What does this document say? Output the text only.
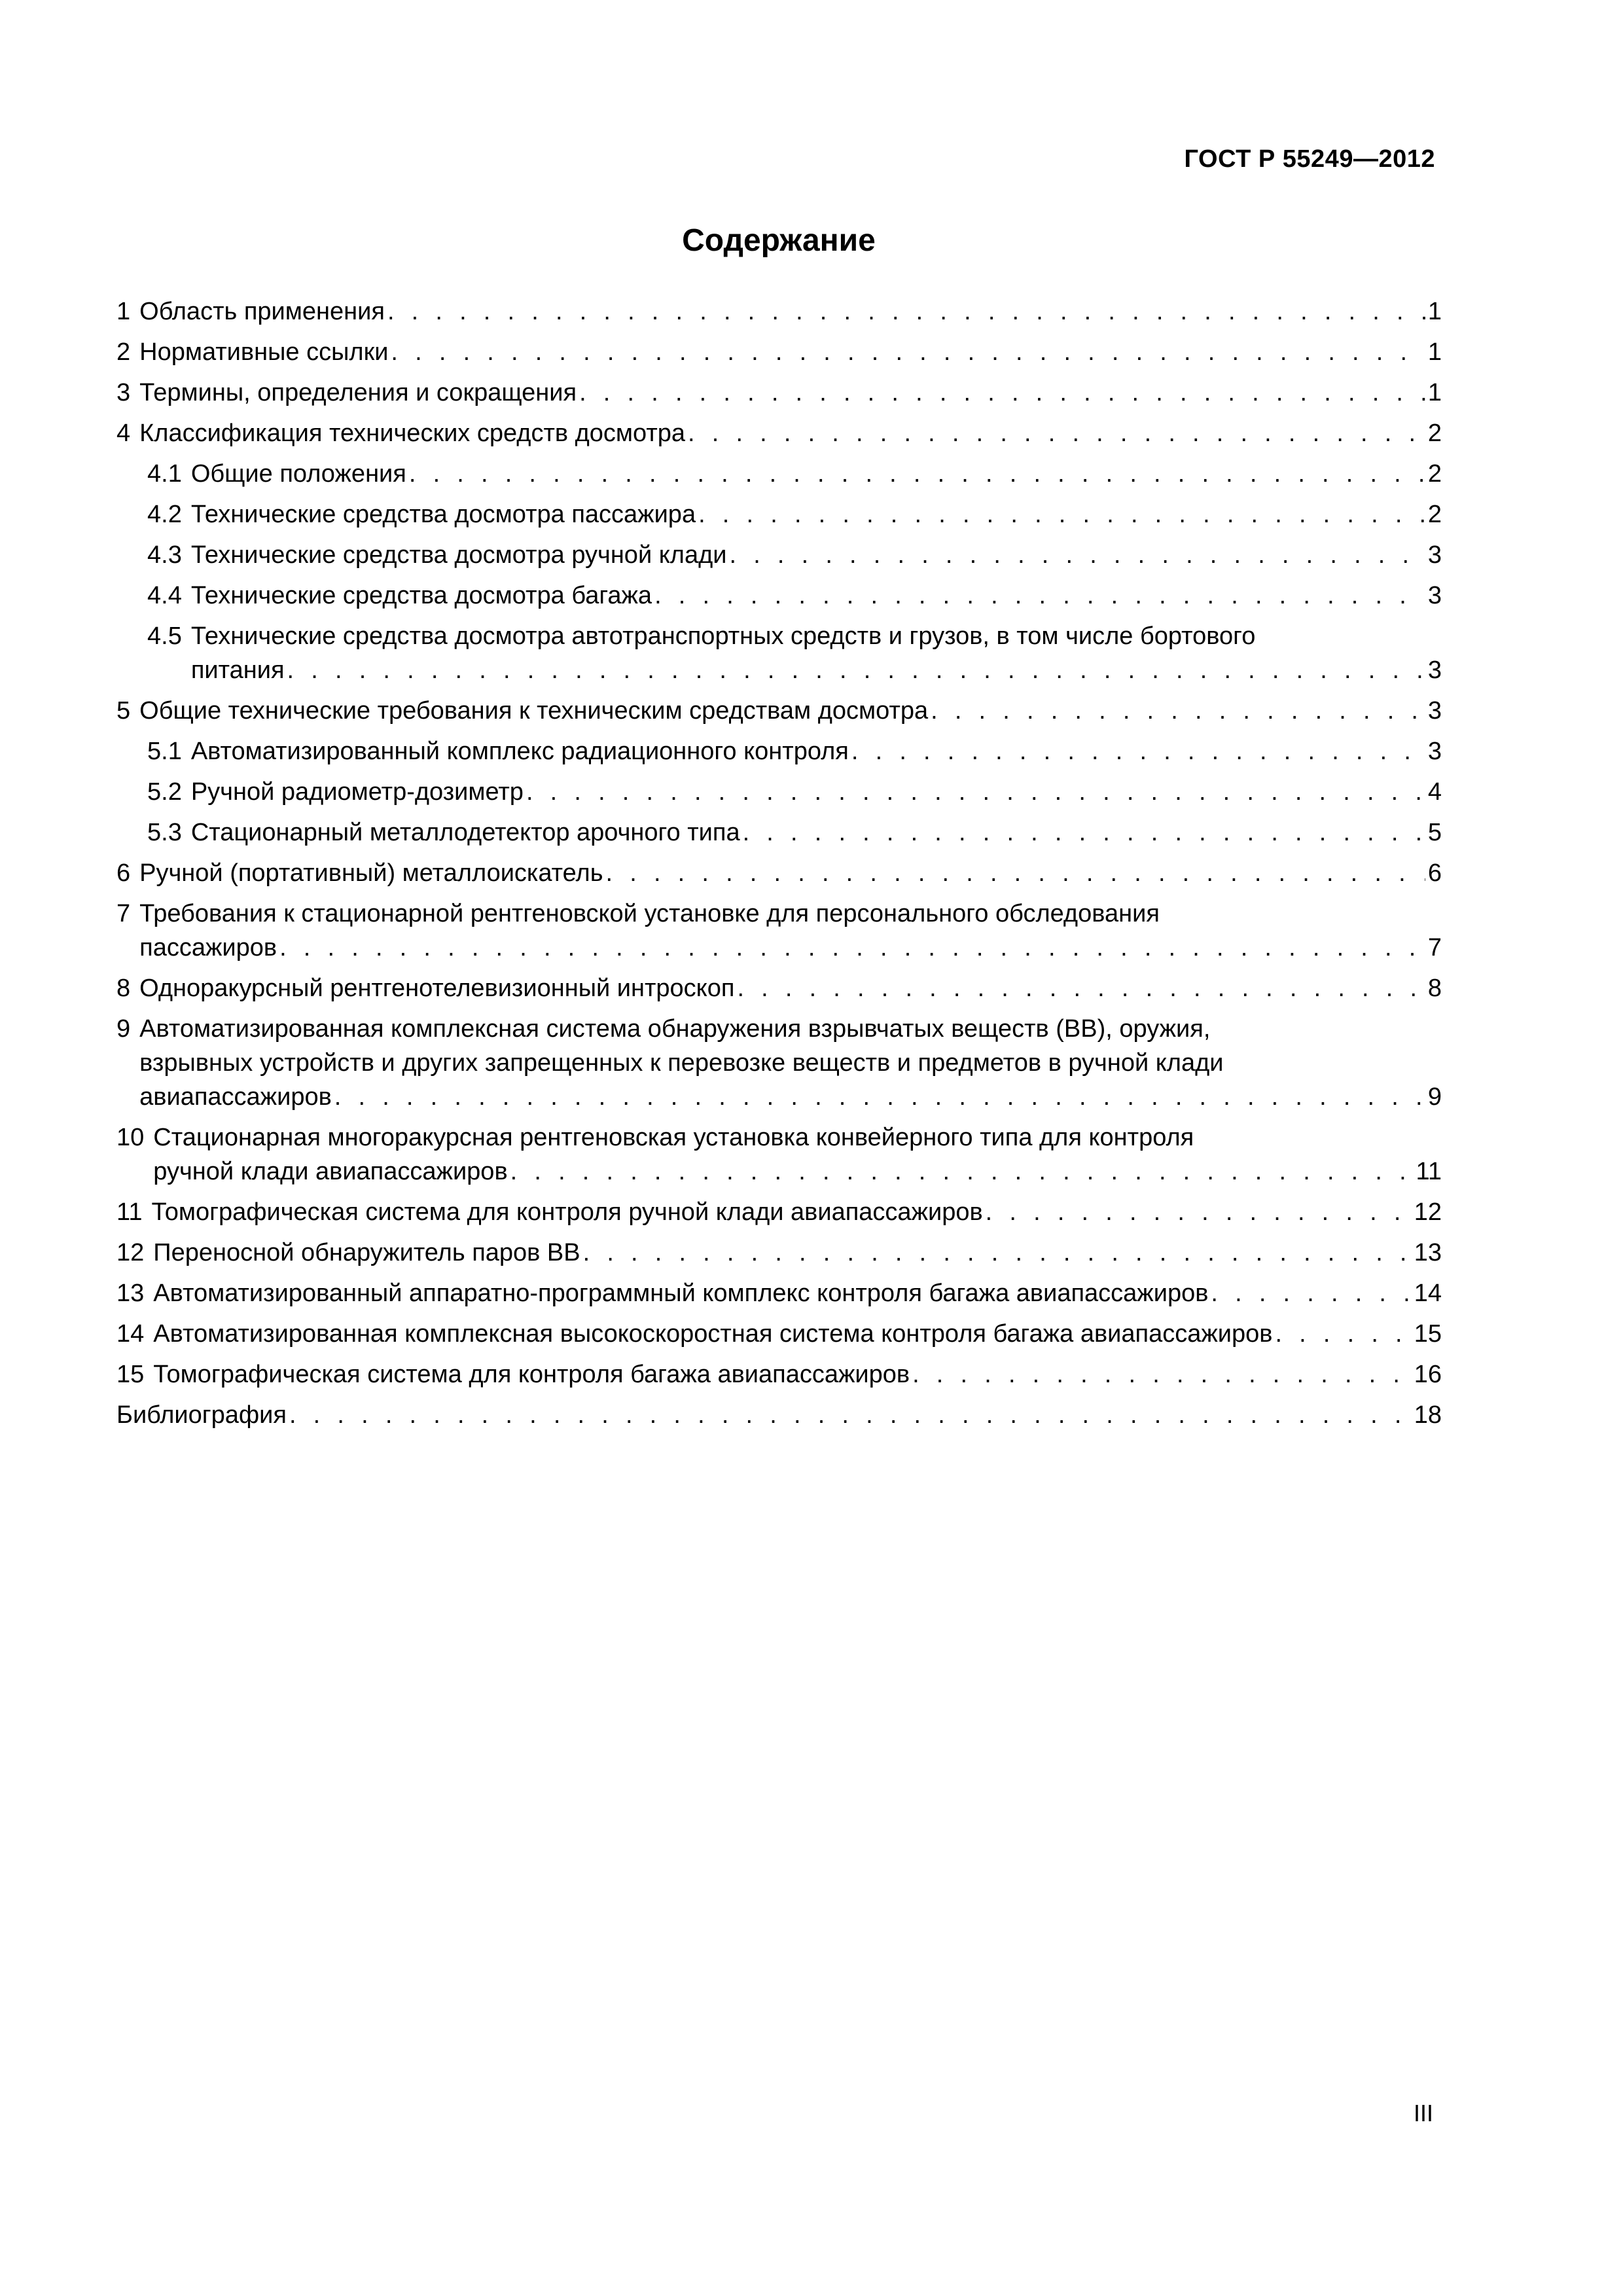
ГОСТ Р 55249—2012
Содержание
1 Область применения . . .	1
2 Нормативные ссылки . . .	1
3 Термины, определения и сокращения . . .	1
4 Классификация технических средств досмотра . . .	2
4.1 Общие положения . . .	2
4.2 Технические средства досмотра пассажира . . .	2
4.3 Технические средства досмотра ручной клади . . .	3
4.4 Технические средства досмотра багажа . . .	3
4.5 Технические средства досмотра автотранспортных средств и грузов, в том числе бортового
питания . . .	3
5 Общие технические требования к техническим средствам досмотра . . .	3
5.1 Автоматизированный комплекс радиационного контроля . . .	3
5.2 Ручной радиометр-дозиметр . . .	4
5.3 Стационарный металлодетектор арочного типа . . .	5
6 Ручной (портативный) металлоискатель . . .	6
7 Требования к стационарной рентгеновской установке для персонального обследования
пассажиров . . .	7
8 Однoракурсный рентгенотелевизионный интроскоп . . .	8
9 Автоматизированная комплексная система обнаружения взрывчатых веществ (ВВ), оружия,
взрывных устройств и других запрещенных к перевозке веществ и предметов в ручной клади
авиапассажиров . . .	9
10 Стационарная многоракурсная рентгеновская установка конвейерного типа для контроля
ручной клади авиапассажиров . . .	11
11 Томографическая система для контроля ручной клади авиапассажиров . . .	12
12 Переносной обнаружитель паров ВВ . . .	13
13 Автоматизированный аппаратно-программный комплекс контроля багажа авиапассажиров . . .	14
14 Автоматизированная комплексная высокоскоростная система контроля багажа авиапассажиров . . .	15
15 Томографическая система для контроля багажа авиапассажиров . . .	16
Библиография . . .	18
III
